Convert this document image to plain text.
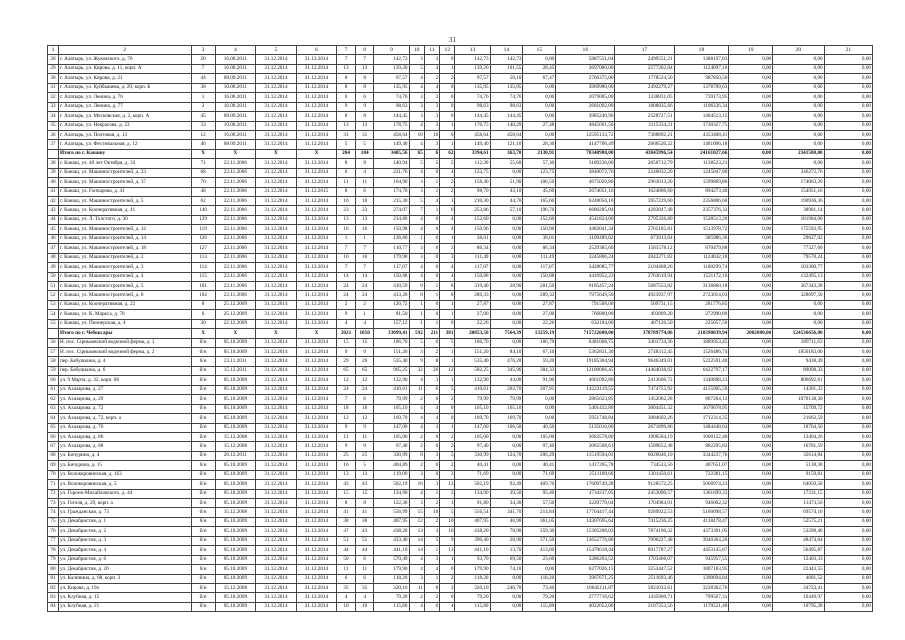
31
1	2	3	4	5	6	7	8	9	10	11	12	13	14	15	16	17	18	19	20	21
28	г. Алатырь, ул. Жуковского, д. 70	20	16.08.2011	31.12.2014	31.12.2014	7	7	142,73	3	3	0	142,73	142,73	0,00	5887551,04	2499551,21	1388197,83	0,00	0,00	0,00
29	г. Алатырь, ул. Кирова, д. 11, корп. А	7	16.08.2011	31.12.2014	31.12.2014	13	13	139,20	5	4	1	139,20	101,55	28,45	3697080,00	2577202,84	1124097,16	0,00	0,00	0,00
30	г. Алатырь, ул. Кирова, д. 21	44	08.09.2011	31.12.2014	31.12.2014	8	8	97,57	4	2	2	97,57	50,10	67,47	2766375,00	1778524,50	987850,50	0,00	0,00	0,00
31	г. Алатырь, ул. Куйбышева, д. 29, корп. Б	38	10.08.2011	31.12.2014	31.12.2014	8	8	135,95	4	4	0	135,95	135,95	0,00	3969980,00	2492279,27	1378709,63	0,00	0,00	0,00
32	г. Алатырь, ул. Ленина, д. 76	1	16.08.2011	31.12.2014	31.12.2014	6	6	74,76	3	3	0	74,76	74,76	0,00	2079005,00	1338831,05	739173,95	0,00	0,00	0,00
33	г. Алатырь, ул. Ленина, д. 77	2	16.08.2011	31.12.2014	31.12.2014	9	9	98,63	3	3	0	98,63	98,63	0,00	2681092,00	1808835,66	1106326,34	0,00	0,00	0,00
34	г. Алатырь, ул. Московская, д. 2, корп. А	45	08.09.2011	31.12.2014	31.12.2014	8	8	144,45	3	3	0	144,45	144,45	0,00	3985240,96	2528727,51	1404513,15	0,00	0,00	0,00
35	г. Алатырь, ул. Некрасова, д. 23	33	10.08.2011	31.12.2014	31.12.2014	13	13	178,75	4	3	1	176,75	140,29	27,48	4845661,56	3115334,21	1730327,75	0,00	0,00	0,00
36	г. Алатырь, ул. Почтовая, д. 13	12	16.08.2011	31.12.2014	31.12.2014	31	31	458,64	10	10	0	458,64	458,64	0,00	12595133,72	7388892,21	4353408,41	0,00	0,00	0,00
37	г. Алатырь, ул. Фестивальная, д. 12	46	08.09.2011	31.12.2014	31.12.2014	5	5	149,40	4	3	1	149,40	121,10	28,30	4147706,49	2666520,22	1481096,18	0,00	0,00	0,00
	Итого по г. Канашу	X	X	X	X	204	184	3405,56	65	6	62	3394,61	363,70	2130,91	70348980,00	43845996,54	24161027,66	0,00	2341580,00	0,00
38	г. Канаш, ул. 40 лет Октября, д. 33	71	22.11.2006	31.12.2014	31.12.2014	8	8	140,94	5	5	2	112,30	55,60	57,30	3189236,00	2050712,79	1138523,21	0,00	0,00	0,00
39	г. Канаш, ул. Машиностроителей, д. 23	68	22.11.2006	31.12.2014	31.12.2014	6	4	221,76	4	0	4	123,75	0,00	123,75	3840072,76	2246832,20	1245047,80	0,00	346272,76	0,00
40	г. Канаш, ул. Машиностроителей, д. 37	70	22.11.2006	31.12.2014	31.12.2014	11	11	164,90	3	1	2	158,40	51,90	106,50	4675026,80	2963013,20	1599869,80	0,00	174063,20	0,00
41	г. Канаш, ул. Гончарова, д. 41	48	22.11.2006	31.12.2014	31.12.2015	8	6	174,70	3	1	2	98,70	43,10	45,60	2674051,16	1624806,60	894273,40	0,00	154951,16	0,00
42	г. Канаш, ул. Машиностроителей, д. 5	62	22.11.2006	31.12.2014	31.12.2014	10	10	215,30	5	4	1	210,30	44,70	165,60	6248056,16	3957229,60	2356806,60	0,00	190936,36	0,00
43	г. Канаш, ул. Кооперативная, д. 41	140	22.11.2006	31.12.2014	31.12.2014	23	23	274,07	7	1	6	253,86	57,10	196,76	6680205,04	4283847,48	2357376,32	0,00	38981,14	0,00
44	г. Канаш, ул. Л. Толстого, д. 30	129	22.11.2006	31.12.2014	31.12.2014	13	13	234,80	4	0	4	152,60	0,00	152,60	4541824,00	2795326,80	1528513,20	0,00	181984,00	0,00
45	г. Канаш, ул. Машиностроителей, д. 12	119	22.11.2006	31.12.2014	31.12.2014	16	16	150,98	4	0	4	150,96	0,00	150,96	4482041,34	2765185,81	1513978,72	0,00	175593,95	0,00
46	г. Канаш, ул. Машиностроителей, д. 14	126	22.11.2006	31.12.2014	31.12.2014	1	1	136,80	1	0	1	38,01	0,00	38,01	1109489,02	673913,64	385986,36	0,00	29627,02	0,00
47	г. Канаш, ул. Машиностроителей, д. 18	127	22.11.2006	31.12.2014	31.12.2014	7	7	110,77	3	0	3	86,34	0,00	86,34	2529385,60	1581578,12	870479,88	0,00	77327,60	0,00
48	г. Канаш, ул. Машиностроителей, д. 2	113	22.11.2006	31.12.2014	31.12.2014	10	10	179,98	3	0	3	111,49	0,00	111,49	3245806,24	2043271,82	1124042,18	0,00	79570,24	0,00
49	г. Канаш, ул. Машиностроителей, д. 3	114	22.11.2006	31.12.2014	31.12.2014	7	7	117,07	4	0	4	117,07	0,00	117,07	3428085,77	2104468,26	1180299,74	0,00	103300,77	0,00
50	г. Канаш, ул. Машиностроителей, д. 4	115	22.11.2006	31.12.2014	31.12.2014	14	14	150,88	4	0	4	150,88	0,00	150,88	4416952,23	2763619,94	1521172,16	0,00	132495,13	0,00
51	г. Канаш, ул. Машиностроителей, д. 5	101	22.11.2006	31.12.2014	31.12.2014	24	24	410,59	9	1	8	319,40	28,90	281,50	9185457,24	5687553,82	3136860,18	0,00	367343,28	0,00
52	г. Канаш, ул. Машиностроителей, д. 8	102	22.11.2006	31.12.2014	31.12.2014	24	24	413,20	8	1	8	289,33	0,00	289,33	7975649,50	4923937,97	2723014,03	0,00	328697,50	0,00
53	г. Канаш, ул. Кооперативная, д. 22	8	25.12.2009	31.12.2014	31.12.2014	2	2	120,72	1	0	1	27,87	0,00	27,87	791508,00	509731,15	281776,85	0,00	0,00	0,00
54	г. Канаш, ул. К. Маркса, д. 70	6	25.12.2009	31.12.2014	31.12.2014	9	1	81,50	1	0	1	27,00	0,00	27,00	766800,00	493809,20	272990,80	0,00	0,00	0,00
55	г. Канаш, ул. Пионерская, д. 4	30	22.12.2009	31.12.2014	31.12.2014	4	4	157,12	1	1	0	22,26	0,00	22,26	632184,00	407126,50	225057,50	0,00	0,00	0,00
	Итого по г. Чебоксары	X	X	X	X	2021	1050	33099,41	592	211	381	20853,58	7564,39	13259,19	715722600,00	378789774,06	210390039,94	2002080,00	124536656,00	0,00
56	Н. пос. Сірньковский водочной ферма, д. 1	б/н	05.10.2009	31.12.2014	31.12.2014	15	15	186,70	5	0	5	186,70	0,00	186,70	6481008,75	3401734,36	1889953,45	0,00	189711,63	0,00
57	Н. пос. Сірньковский водочной ферма, д. 2	б/н	05.10.2009	31.12.2014	31.12.2014	9	9	151,20	3	2	1	151,20	84,10	67,10	5362831,30	2748312,45	1526486,74	0,00	1850183,00	0,00
58	пер. Бабушкина, д. 4	б/н	23.11.2011	31.12.2014	31.12.2014	29	26	535,40	9	8	1	535,40	476,20	59,20	19185304,94	9646349,01	5222591,40	0,00	9438,49	0,00
59	пер. Бабушкина, д. 6	б/н	15.12.2011	31.12.2014	31.12.2014	65	65	965,25	32	26	12	582,25	345,96	384,33	12100066,45	14464038,62	6422797,17	0,00	89098,33	0,00
60	ул. 9 Марта, д. 32, корп. 86	б/н	05.10.2009	31.12.2014	31.12.2014	12	12	132,90	4	3	1	132,90	44,00	91,90	4661092,86	2413606,72	1340898,23	0,00	806692,61	0,00
61	ул. Ахазарова, д. 27	б/н	05.10.2009	31.12.2014	31.12.2014	24	24	410,61	11	6	5	410,61	202,70	207,91	14222119,55	7474755,92	4155905,59	0,00	14301,33	0,00
62	ул. Ахазарова, д. 29	б/н	05.10.2009	31.12.2014	31.12.2014	7	6	79,99	2	0	2	79,99	79,99	0,00	2865623,85	1452062,28	807264,12	0,00	1070138,30	0,00
63	ул. Ахазарова, д. 72	б/н	05.10.2009	31.12.2014	31.12.2014	18	18	165,10	4	4	0	165,10	165,10	0,00	5401432,80	3004451,32	1670678,95	0,00	15709,72	0,00
64	ул. Ахазарова, д. 72, корп. а	б/н	05.10.2009	31.12.2014	31.12.2014	12	12	169,70	4	4	0	169,70	169,70	0,00	5951748,84	3084602,26	1712314,35	0,00	21662,59	0,00
65	ул. Ахазарова, д. 76	б/н	05.10.2009	31.12.2014	31.12.2014	9	9	147,00	4	3	1	147,00	106,50	40,50	5135016,00	2671899,86	1484448,64	0,00	18764,50	0,00
66	ул. Ахазарова, д. 86	б/н	15.12.2008	31.12.2014	31.12.2014	11	11	105,00	2	0	2	105,00	0,00	105,00	3683578,80	1906564,19	1060122,40	0,00	13404,26	0,00
67	ул. Ахазарова, д. 88	б/н	15.12.2008	31.12.2014	31.12.2014	9	9	97,40	2	0	2	97,40	0,00	97,40	3065508,61	1589652,48	882295,83	0,00	16781,59	0,00
68	ул. Бичурина, д. 4	б/н	20.12.2011	31.12.2014	31.12.2014	25	25	330,99	8	3	5	330,99	124,70	206,29	11519594,01	6026046,10	3344237,76	0,00	32614,84	0,00
69	ул. Бичурина, д. 15	б/н	05.10.2009	31.12.2014	31.12.2014	16	5	404,89	2	0	2	40,41	0,00	40,41	1417265,78	734523,56	407651,07	0,00	5138,38	0,00
70	ул. Волокоровинская, д. 163	б/н	05.10.2009	31.12.2014	31.12.2014	13	13	119,00	3	0	3	71,69	0,00	71,69	2511108,66	1301450,61	722381,15	0,00	9159,81	0,00
71	ул. Волокоровинская, д. 5	б/н	05.10.2009	31.12.2014	31.12.2014	43	43	502,19	16	3	13	502,19	92,49	409,70	17609749,28	9128572,25	5068974,23	0,00	64050,58	0,00
72	ул. Гороно-Михайловского, д. 44	б/н	05.10.2009	31.12.2014	31.12.2014	15	15	134,90	4	1	3	134,90	39,50	95,40	4734237,05	2453090,57	1361699,33	0,00	17231,15	0,00
73	ул. Гоголя, д. 29, корп. а	б/н	05.10.2009	31.12.2014	31.12.2014	8	8	122,30	3	2	1	91,80	34,30	57,50	3220770,04	1704984,01	946062,32	0,00	11473,56	0,00
74	ул. Гражданская, д. 73	б/н	15.12.2008	31.12.2014	31.12.2014	41	41	556,99	15	10	5	556,54	341,70	214,84	17764417,44	9289922,53	5160098,57	0,00	69574,16	0,00
75	ул. Декабристов, д. 1	б/н	05.10.2009	31.12.2014	31.12.2014	38	38	407,95	12	2	10	407,95	46,90	361,05	14307695,64	7415236,25	4118478,47	0,00	52575,21	0,00
76	ул. Декабристов, д. 2	б/н	05.10.2009	31.12.2014	31.12.2014	47	43	438,20	13	3	10	438,20	78,90	359,30	15305208,03	7874196,32	4373391,05	0,00	53298,40	0,00
77	ул. Декабристов, д. 3	б/н	05.10.2009	31.12.2014	31.12.2014	51	51	433,40	14	5	9	390,40	28,90	371,50	13652776,80	7096227,48	3940364,20	0,00	48474,64	0,00
78	ул. Декабристов, д. 4	б/н	05.10.2009	31.12.2014	31.12.2014	44	44	441,10	14	1	13	441,10	13,70	413,60	15470618,44	8017787,27	4453145,87	0,00	56495,87	0,00
79	ул. Декабристов, д. 6	б/н	05.10.2009	31.12.2014	31.12.2014	50	6	570,49	4	3	1	93,70	69,50	23,60	3286263,52	1703466,07	945957,55	0,00	12403,33	0,00
80	ул. Декабристов, д. 20	б/н	05.10.2009	31.12.2014	31.12.2014	11	11	179,90	4	4	0	179,90	74,10	0,00	6277026,15	3253447,52	1807183,95	0,00	22443,55	0,00
81	ул. Калинина, д. 68, корп. 3	б/н	05.10.2009	31.12.2014	31.12.2014	6	6	118,20	3	1	2	118,20	0,00	118,20	3967671,25	2511693,46	1390694,84	0,00	4681,52	0,00
82	ул. Кирова, д. 19а	б/н	15.12.2008	31.12.2014	31.12.2014	35	35	320,10	11	8	3	320,10	246,70	73,40	10645111,87	5821032,61	3228362,76	0,00	34723,41	0,00
83	ул. Клубная, д. 15	б/н	05.10.2009	31.12.2014	31.12.2014	4	4	79,20	2	2	0	79,20	0,00	79,20	2777716,62	1435960,71	799567,31	0,00	10449,97	0,00
84	ул. Клубная, д. 21	б/н	05.10.2009	31.12.2014	31.12.2014	10	10	115,80	4	0	4	115,80	0,00	115,80	4022052,00	2107353,56	1170521,40	0,00	10795,28	0,00
